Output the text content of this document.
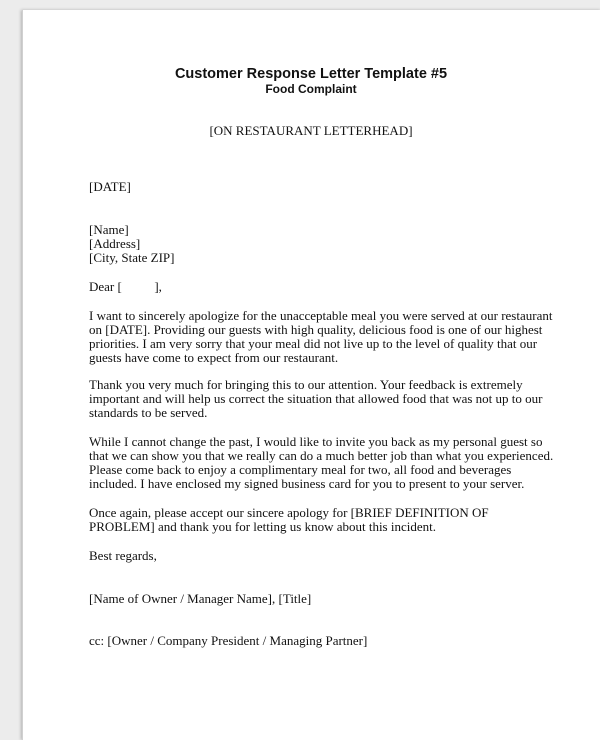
Customer Response Letter Template #5
Food Complaint

[ON RESTAURANT LETTERHEAD]

[DATE]

[Name]
[Address]
[City, State ZIP]

Dear [          ],

I want to sincerely apologize for the unacceptable meal you were served at our restaurant
on [DATE]. Providing our guests with high quality, delicious food is one of our highest
priorities. I am very sorry that your meal did not live up to the level of quality that our
guests have come to expect from our restaurant.
Thank you very much for bringing this to our attention. Your feedback is extremely
important and will help us correct the situation that allowed food that was not up to our
standards to be served.
While I cannot change the past, I would like to invite you back as my personal guest so
that we can show you that we really can do a much better job than what you experienced.
Please come back to enjoy a complimentary meal for two, all food and beverages
included. I have enclosed my signed business card for you to present to your server.
Once again, please accept our sincere apology for [BRIEF DEFINITION OF
PROBLEM] and thank you for letting us know about this incident.

Best regards,

[Name of Owner / Manager Name], [Title]

cc: [Owner / Company President / Managing Partner]
